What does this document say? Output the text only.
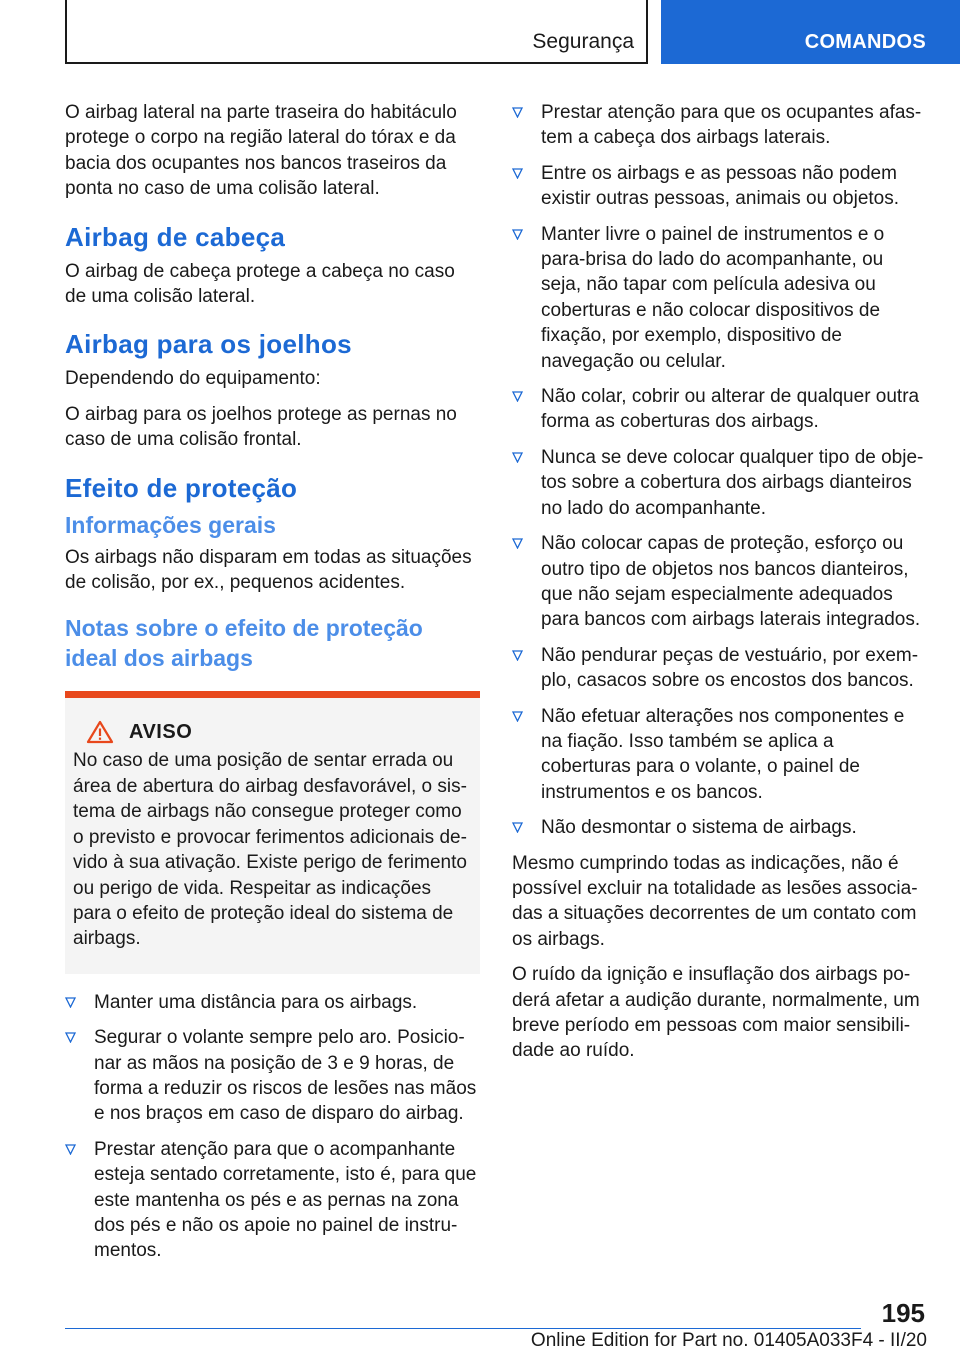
Segurança	COMANDOS

O airbag lateral na parte traseira do habitáculo protege o corpo na região lateral do tórax e da bacia dos ocupantes nos bancos traseiros da ponta no caso de uma colisão lateral.

Airbag de cabeça

O airbag de cabeça protege a cabeça no caso de uma colisão lateral.

Airbag para os joelhos

Dependendo do equipamento:

O airbag para os joelhos protege as pernas no caso de uma colisão frontal.

Efeito de proteção
Informações gerais

Os airbags não disparam em todas as situações de colisão, por ex., pequenos acidentes.

Notas sobre o efeito de proteção ideal dos airbags
AVISO

No caso de uma posição de sentar errada ou área de abertura do airbag desfavorável, o sistema de airbags não consegue proteger como o previsto e provocar ferimentos adicionais devido à sua ativação. Existe perigo de ferimento ou perigo de vida. Respeitar as indicações para o efeito de proteção ideal do sistema de airbags.

Manter uma distância para os airbags.
Segurar o volante sempre pelo aro. Posicionar as mãos na posição de 3 e 9 horas, de forma a reduzir os riscos de lesões nas mãos e nos braços em caso de disparo do airbag.
Prestar atenção para que o acompanhante esteja sentado corretamente, isto é, para que este mantenha os pés e as pernas na zona dos pés e não os apoie no painel de instrumentos.
Prestar atenção para que os ocupantes afastem a cabeça dos airbags laterais.
Entre os airbags e as pessoas não podem existir outras pessoas, animais ou objetos.
Manter livre o painel de instrumentos e o para-brisa do lado do acompanhante, ou seja, não tapar com película adesiva ou coberturas e não colocar dispositivos de fixação, por exemplo, dispositivo de navegação ou celular.
Não colar, cobrir ou alterar de qualquer outra forma as coberturas dos airbags.
Nunca se deve colocar qualquer tipo de objetos sobre a cobertura dos airbags dianteiros no lado do acompanhante.
Não colocar capas de proteção, esforço ou outro tipo de objetos nos bancos dianteiros, que não sejam especialmente adequados para bancos com airbags laterais integrados.
Não pendurar peças de vestuário, por exemplo, casacos sobre os encostos dos bancos.
Não efetuar alterações nos componentes e na fiação. Isso também se aplica a coberturas para o volante, o painel de instrumentos e os bancos.
Não desmontar o sistema de airbags.

Mesmo cumprindo todas as indicações, não é possível excluir na totalidade as lesões associadas a situações decorrentes de um contato com os airbags.

O ruído da ignição e insuflação dos airbags poderá afetar a audição durante, normalmente, um breve período em pessoas com maior sensibilidade ao ruído.

195
Online Edition for Part no. 01405A033F4 - II/20
